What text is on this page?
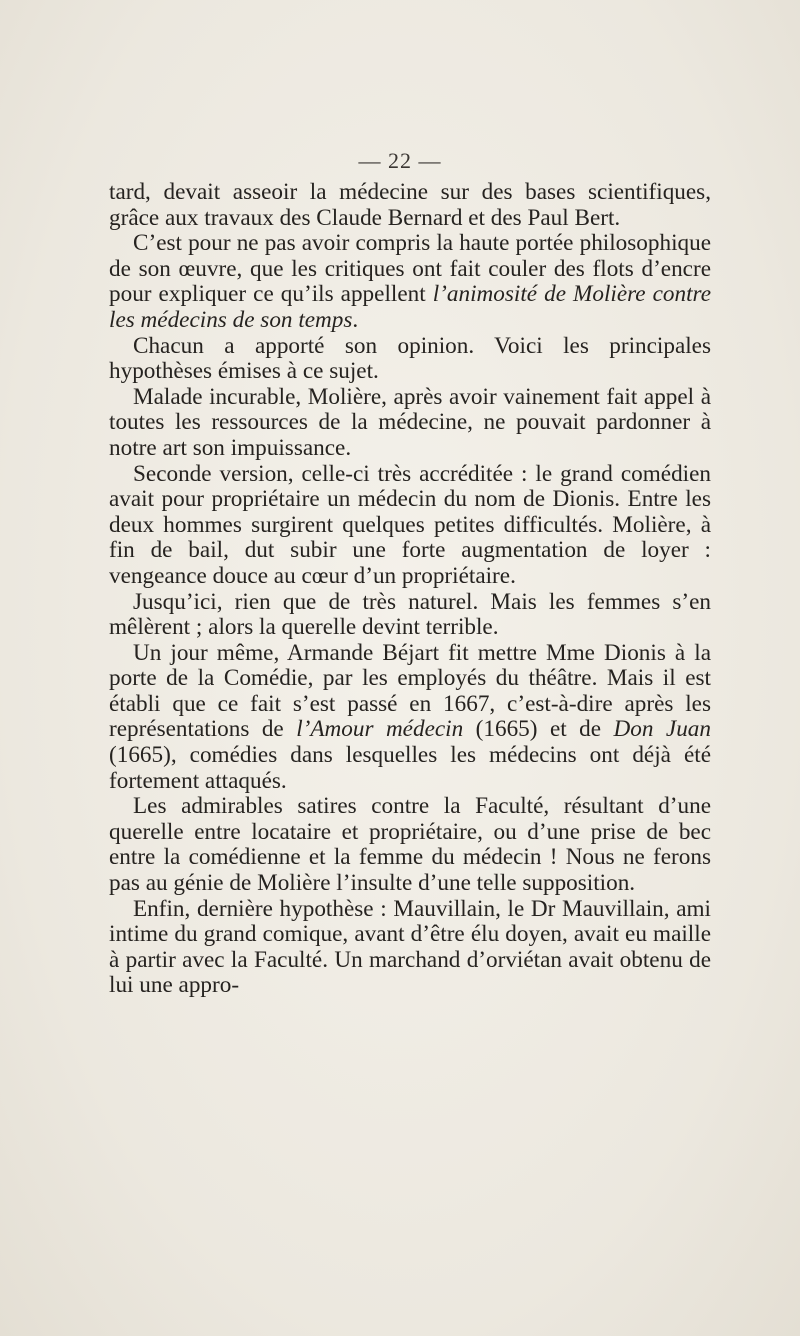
— 22 —

tard, devait asseoir la médecine sur des bases scientifiques, grâce aux travaux des Claude Bernard et des Paul Bert.

C’est pour ne pas avoir compris la haute portée philosophique de son œuvre, que les critiques ont fait couler des flots d’encre pour expliquer ce qu’ils appellent l’animosité de Molière contre les médecins de son temps.

Chacun a apporté son opinion. Voici les principales hypothèses émises à ce sujet.

Malade incurable, Molière, après avoir vainement fait appel à toutes les ressources de la médecine, ne pouvait pardonner à notre art son impuissance.

Seconde version, celle-ci très accréditée : le grand comédien avait pour propriétaire un médecin du nom de Dionis. Entre les deux hommes surgirent quelques petites difficultés. Molière, à fin de bail, dut subir une forte augmentation de loyer : vengeance douce au cœur d’un propriétaire.

Jusqu’ici, rien que de très naturel. Mais les femmes s’en mêlèrent ; alors la querelle devint terrible.

Un jour même, Armande Béjart fit mettre Mme Dionis à la porte de la Comédie, par les employés du théâtre. Mais il est établi que ce fait s’est passé en 1667, c’est-à-dire après les représentations de l’Amour médecin (1665) et de Don Juan (1665), comédies dans lesquelles les médecins ont déjà été fortement attaqués.

Les admirables satires contre la Faculté, résultant d’une querelle entre locataire et propriétaire, ou d’une prise de bec entre la comédienne et la femme du médecin ! Nous ne ferons pas au génie de Molière l’insulte d’une telle supposition.

Enfin, dernière hypothèse : Mauvillain, le Dr Mauvillain, ami intime du grand comique, avant d’être élu doyen, avait eu maille à partir avec la Faculté. Un marchand d’orviétan avait obtenu de lui une appro-
